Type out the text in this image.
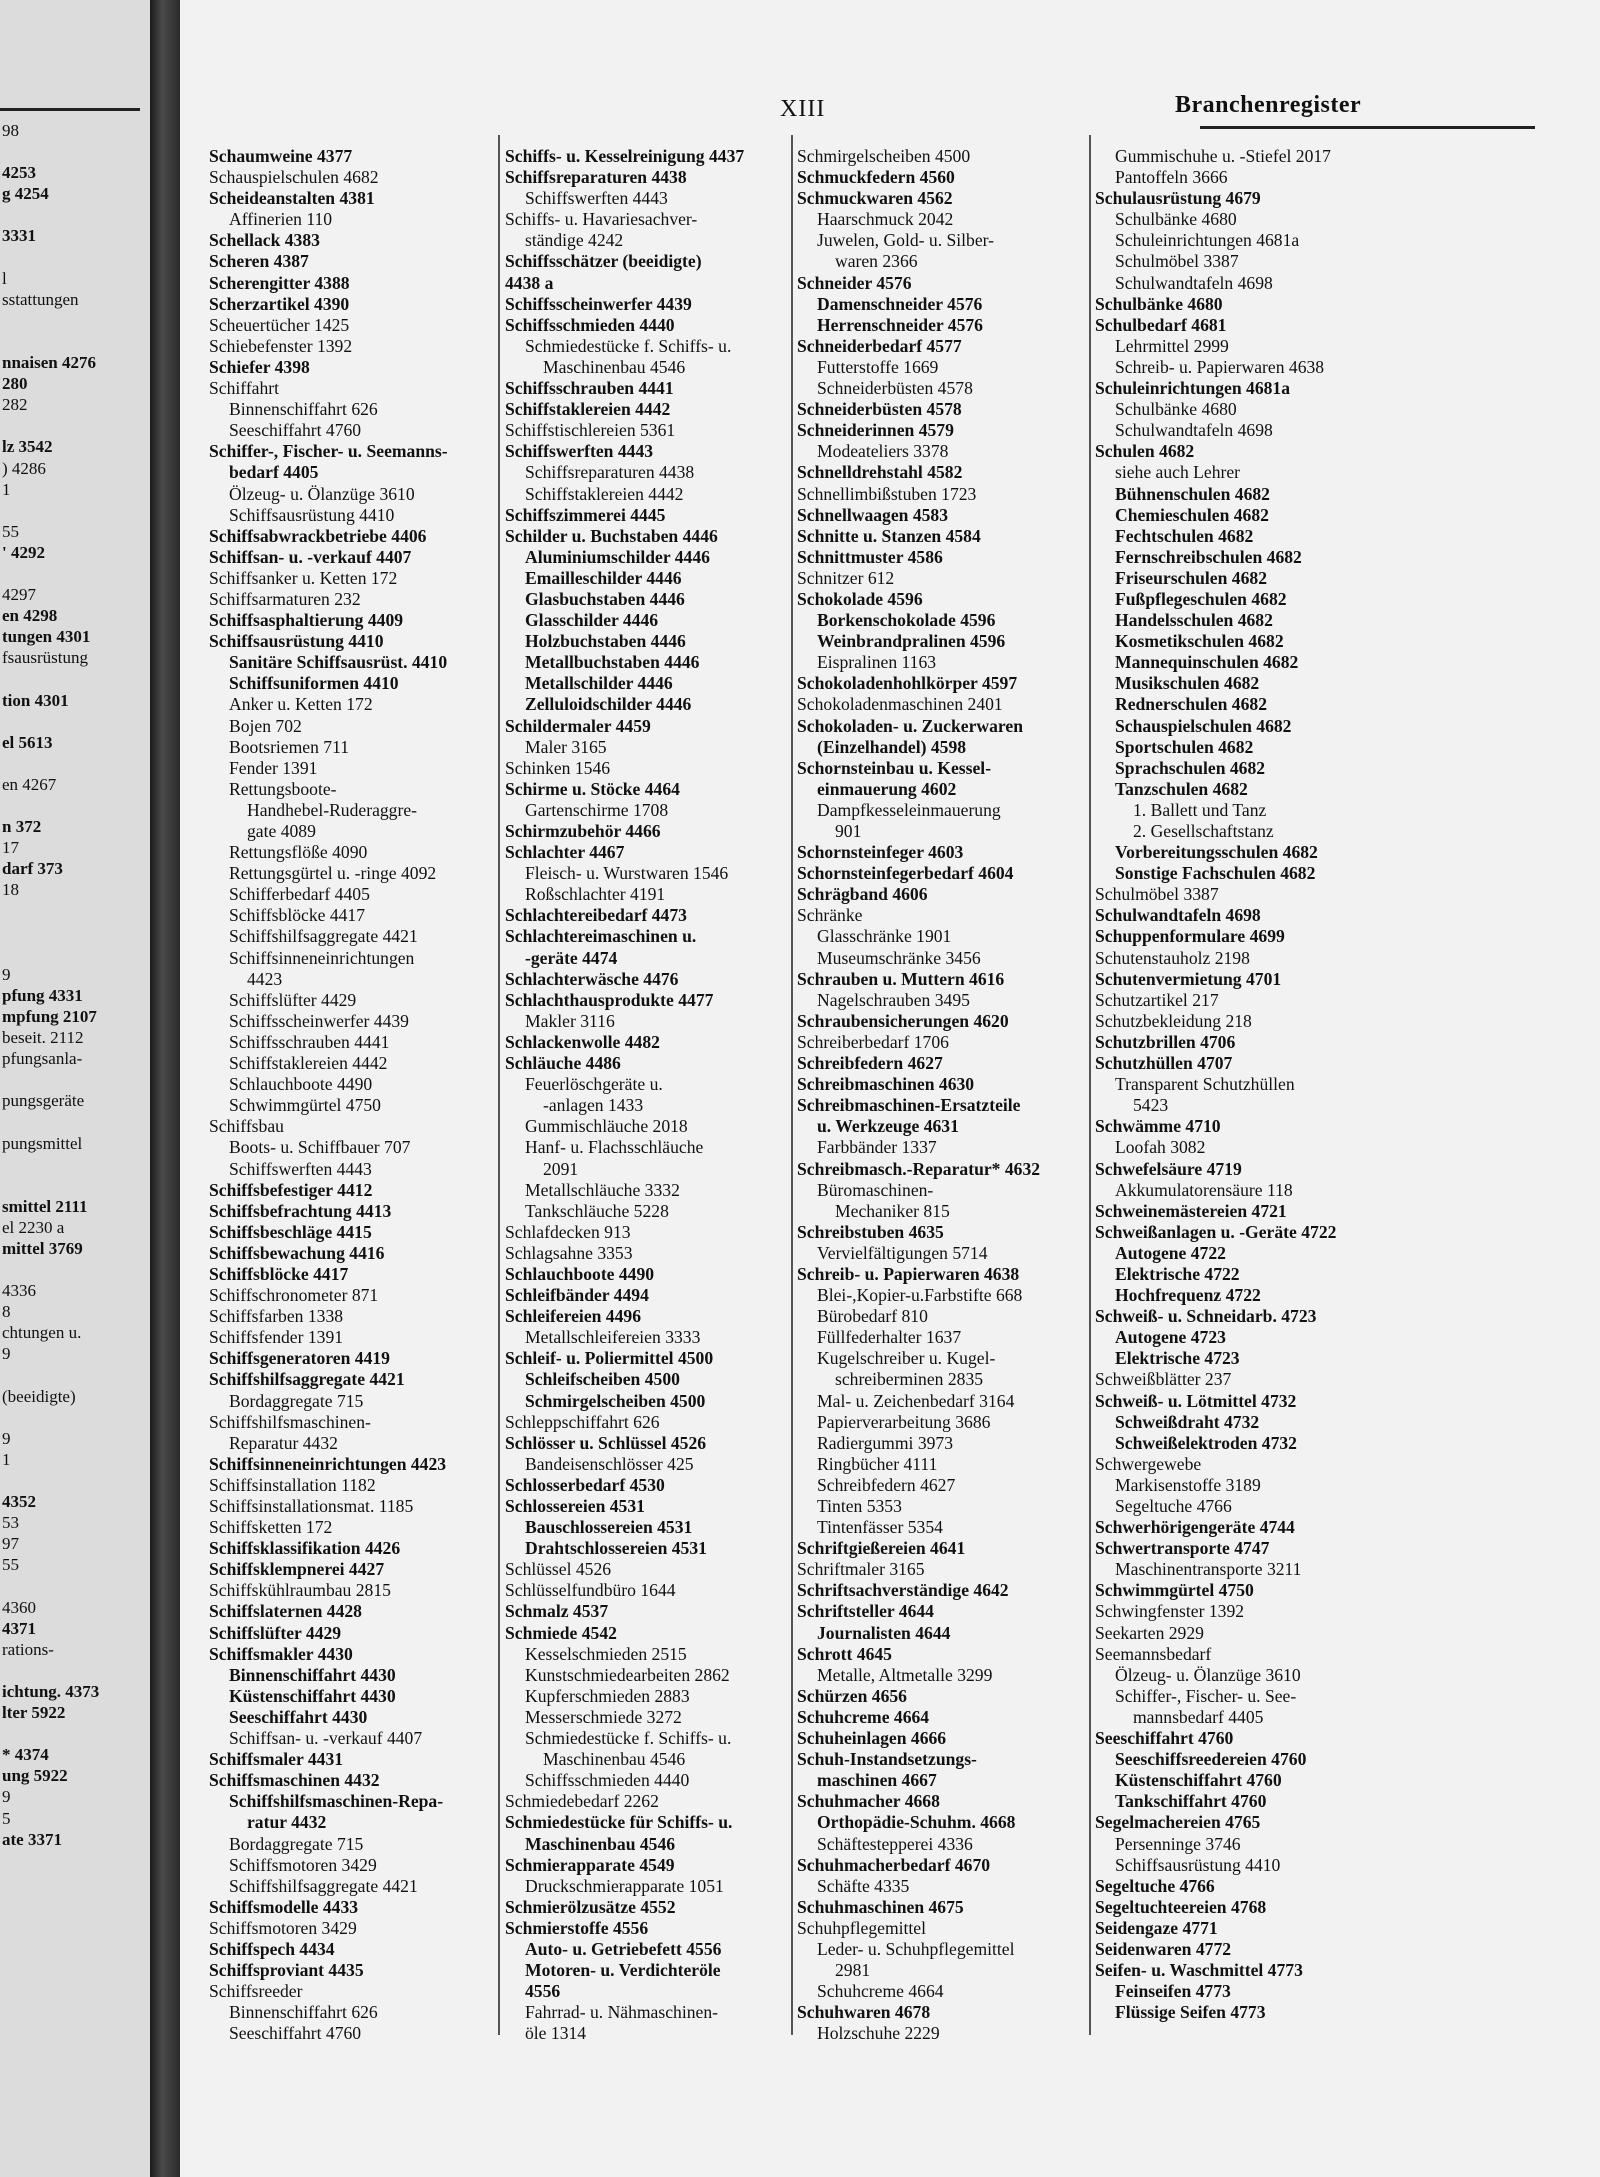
98
4253
g 4254
3331
l
sstattungen
nnaisen 4276
280
282
lz 3542
) 4286
1
55
' 4292
4297
en 4298
tungen 4301
fsausrüstung
tion 4301
el 5613
en 4267
n 372
17
darf 373
18
9
pfung 4331
mpfung 2107
beseit. 2112
pfungsanla-
pungsgeräte
pungsmittel
smittel 2111
el 2230 a
mittel 3769
4336
8
chtungen u.
9
(beeidigte)
9
1
4352
53
97
55
4360
4371
rations-
ichtung. 4373
lter 5922
* 4374
ung 5922
9
5
ate 3371
XIII	Branchenregister
Schaumweine 4377
Schauspielschulen 4682
Scheideanstalten 4381
Affinerien 110
Schellack 4383
Scheren 4387
Scherengitter 4388
Scherzartikel 4390
Scheuertücher 1425
Schiebefenster 1392
Schiefer 4398
Schiffahrt
Binnenschiffahrt 626
Seeschiffahrt 4760
Schiffer-, Fischer- u. Seemanns-
bedarf 4405
Ölzeug- u. Ölanzüge 3610
Schiffsausrüstung 4410
Schiffsabwrackbetriebe 4406
Schiffsan- u. -verkauf 4407
Schiffsanker u. Ketten 172
Schiffsarmaturen 232
Schiffsasphaltierung 4409
Schiffsausrüstung 4410
Sanitäre Schiffsausrüst. 4410
Schiffsuniformen 4410
Anker u. Ketten 172
Bojen 702
Bootsriemen 711
Fender 1391
Rettungsboote-
Handhebel-Ruderaggre-
gate 4089
Rettungsflöße 4090
Rettungsgürtel u. -ringe 4092
Schifferbedarf 4405
Schiffsblöcke 4417
Schiffshilfsaggregate 4421
Schiffsinneneinrichtungen
4423
Schiffslüfter 4429
Schiffsscheinwerfer 4439
Schiffsschrauben 4441
Schiffstaklereien 4442
Schlauchboote 4490
Schwimmgürtel 4750
Schiffsbau
Boots- u. Schiffbauer 707
Schiffswerften 4443
Schiffsbefestiger 4412
Schiffsbefrachtung 4413
Schiffsbeschläge 4415
Schiffsbewachung 4416
Schiffsblöcke 4417
Schiffschronometer 871
Schiffsfarben 1338
Schiffsfender 1391
Schiffsgeneratoren 4419
Schiffshilfsaggregate 4421
Bordaggregate 715
Schiffshilfsmaschinen-
Reparatur 4432
Schiffsinneneinrichtungen 4423
Schiffsinstallation 1182
Schiffsinstallationsmat. 1185
Schiffsketten 172
Schiffsklassifikation 4426
Schiffsklempnerei 4427
Schiffskühlraumbau 2815
Schiffslaternen 4428
Schiffslüfter 4429
Schiffsmakler 4430
Binnenschiffahrt 4430
Küstenschiffahrt 4430
Seeschiffahrt 4430
Schiffsan- u. -verkauf 4407
Schiffsmaler 4431
Schiffsmaschinen 4432
Schiffshilfsmaschinen-Repa-
ratur 4432
Bordaggregate 715
Schiffsmotoren 3429
Schiffshilfsaggregate 4421
Schiffsmodelle 4433
Schiffsmotoren 3429
Schiffspech 4434
Schiffsproviant 4435
Schiffsreeder
Binnenschiffahrt 626
Seeschiffahrt 4760
Schiffs- u. Kesselreinigung 4437
Schiffsreparaturen 4438
Schiffswerften 4443
Schiffs- u. Havariesachver-
ständige 4242
Schiffsschätzer (beeidigte)
4438 a
Schiffsscheinwerfer 4439
Schiffsschmieden 4440
Schmiedestücke f. Schiffs- u.
Maschinenbau 4546
Schiffsschrauben 4441
Schiffstaklereien 4442
Schiffstischlereien 5361
Schiffswerften 4443
Schiffsreparaturen 4438
Schiffstaklereien 4442
Schiffszimmerei 4445
Schilder u. Buchstaben 4446
Aluminiumschilder 4446
Emailleschilder 4446
Glasbuchstaben 4446
Glasschilder 4446
Holzbuchstaben 4446
Metallbuchstaben 4446
Metallschilder 4446
Zelluloidschilder 4446
Schildermaler 4459
Maler 3165
Schinken 1546
Schirme u. Stöcke 4464
Gartenschirme 1708
Schirmzubehör 4466
Schlachter 4467
Fleisch- u. Wurstwaren 1546
Roßschlachter 4191
Schlachtereibedarf 4473
Schlachtereimaschinen u.
-geräte 4474
Schlachterwäsche 4476
Schlachthausprodukte 4477
Makler 3116
Schlackenwolle 4482
Schläuche 4486
Feuerlöschgeräte u.
-anlagen 1433
Gummischläuche 2018
Hanf- u. Flachsschläuche
2091
Metallschläuche 3332
Tankschläuche 5228
Schlafdecken 913
Schlagsahne 3353
Schlauchboote 4490
Schleifbänder 4494
Schleifereien 4496
Metallschleifereien 3333
Schleif- u. Poliermittel 4500
Schleifscheiben 4500
Schmirgelscheiben 4500
Schleppschiffahrt 626
Schlösser u. Schlüssel 4526
Bandeisenschlösser 425
Schlosserbedarf 4530
Schlossereien 4531
Bauschlossereien 4531
Drahtschlossereien 4531
Schlüssel 4526
Schlüsselfundbüro 1644
Schmalz 4537
Schmiede 4542
Kesselschmieden 2515
Kunstschmiedearbeiten 2862
Kupferschmieden 2883
Messerschmiede 3272
Schmiedestücke f. Schiffs- u.
Maschinenbau 4546
Schiffsschmieden 4440
Schmiedebedarf 2262
Schmiedestücke für Schiffs- u.
Maschinenbau 4546
Schmierapparate 4549
Druckschmierapparate 1051
Schmierölzusätze 4552
Schmierstoffe 4556
Auto- u. Getriebefett 4556
Motoren- u. Verdichteröle
4556
Fahrrad- u. Nähmaschinen-
öle 1314
Schmirgelscheiben 4500
Schmuckfedern 4560
Schmuckwaren 4562
Haarschmuck 2042
Juwelen, Gold- u. Silber-
waren 2366
Schneider 4576
Damenschneider 4576
Herrenschneider 4576
Schneiderbedarf 4577
Futterstoffe 1669
Schneiderbüsten 4578
Schneiderbüsten 4578
Schneiderinnen 4579
Modeateliers 3378
Schnelldrehstahl 4582
Schnellimbißstuben 1723
Schnellwaagen 4583
Schnitte u. Stanzen 4584
Schnittmuster 4586
Schnitzer 612
Schokolade 4596
Borkenschokolade 4596
Weinbrandpralinen 4596
Eispralinen 1163
Schokoladenhohlkörper 4597
Schokoladenmaschinen 2401
Schokoladen- u. Zuckerwaren
(Einzelhandel) 4598
Schornsteinbau u. Kessel-
einmauerung 4602
Dampfkesseleinmauerung
901
Schornsteinfeger 4603
Schornsteinfegerbedarf 4604
Schrägband 4606
Schränke
Glasschränke 1901
Museumschränke 3456
Schrauben u. Muttern 4616
Nagelschrauben 3495
Schraubensicherungen 4620
Schreiberbedarf 1706
Schreibfedern 4627
Schreibmaschinen 4630
Schreibmaschinen-Ersatzteile
u. Werkzeuge 4631
Farbbänder 1337
Schreibmasch.-Reparatur* 4632
Büromaschinen-
Mechaniker 815
Schreibstuben 4635
Vervielfältigungen 5714
Schreib- u. Papierwaren 4638
Blei-,Kopier-u.Farbstifte 668
Bürobedarf 810
Füllfederhalter 1637
Kugelschreiber u. Kugel-
schreiberminen 2835
Mal- u. Zeichenbedarf 3164
Papierverarbeitung 3686
Radiergummi 3973
Ringbücher 4111
Schreibfedern 4627
Tinten 5353
Tintenfässer 5354
Schriftgießereien 4641
Schriftmaler 3165
Schriftsachverständige 4642
Schriftsteller 4644
Journalisten 4644
Schrott 4645
Metalle, Altmetalle 3299
Schürzen 4656
Schuhcreme 4664
Schuheinlagen 4666
Schuh-Instandsetzungs-
maschinen 4667
Schuhmacher 4668
Orthopädie-Schuhm. 4668
Schäftestepperei 4336
Schuhmacherbedarf 4670
Schäfte 4335
Schuhmaschinen 4675
Schuhpflegemittel
Leder- u. Schuhpflegemittel
2981
Schuhcreme 4664
Schuhwaren 4678
Holzschuhe 2229
Gummischuhe u. -Stiefel 2017
Pantoffeln 3666
Schulausrüstung 4679
Schulbänke 4680
Schuleinrichtungen 4681a
Schulmöbel 3387
Schulwandtafeln 4698
Schulbänke 4680
Schulbedarf 4681
Lehrmittel 2999
Schreib- u. Papierwaren 4638
Schuleinrichtungen 4681a
Schulbänke 4680
Schulwandtafeln 4698
Schulen 4682
siehe auch Lehrer
Bühnenschulen 4682
Chemieschulen 4682
Fechtschulen 4682
Fernschreibschulen 4682
Friseurschulen 4682
Fußpflegeschulen 4682
Handelsschulen 4682
Kosmetikschulen 4682
Mannequinschulen 4682
Musikschulen 4682
Rednerschulen 4682
Schauspielschulen 4682
Sportschulen 4682
Sprachschulen 4682
Tanzschulen 4682
1. Ballett und Tanz
2. Gesellschaftstanz
Vorbereitungsschulen 4682
Sonstige Fachschulen 4682
Schulmöbel 3387
Schulwandtafeln 4698
Schuppenformulare 4699
Schutenstauholz 2198
Schutenvermietung 4701
Schutzartikel 217
Schutzbekleidung 218
Schutzbrillen 4706
Schutzhüllen 4707
Transparent Schutzhüllen
5423
Schwämme 4710
Loofah 3082
Schwefelsäure 4719
Akkumulatorensäure 118
Schweinemästereien 4721
Schweißanlagen u. -Geräte 4722
Autogene 4722
Elektrische 4722
Hochfrequenz 4722
Schweiß- u. Schneidarb. 4723
Autogene 4723
Elektrische 4723
Schweißblätter 237
Schweiß- u. Lötmittel 4732
Schweißdraht 4732
Schweißelektroden 4732
Schwergewebe
Markisenstoffe 3189
Segeltuche 4766
Schwerhörigengeräte 4744
Schwertransporte 4747
Maschinentransporte 3211
Schwimmgürtel 4750
Schwingfenster 1392
Seekarten 2929
Seemannsbedarf
Ölzeug- u. Ölanzüge 3610
Schiffer-, Fischer- u. See-
mannsbedarf 4405
Seeschiffahrt 4760
Seeschiffsreedereien 4760
Küstenschiffahrt 4760
Tankschiffahrt 4760
Segelmachereien 4765
Persenninge 3746
Schiffsausrüstung 4410
Segeltuche 4766
Segeltuchteereien 4768
Seidengaze 4771
Seidenwaren 4772
Seifen- u. Waschmittel 4773
Feinseifen 4773
Flüssige Seifen 4773
